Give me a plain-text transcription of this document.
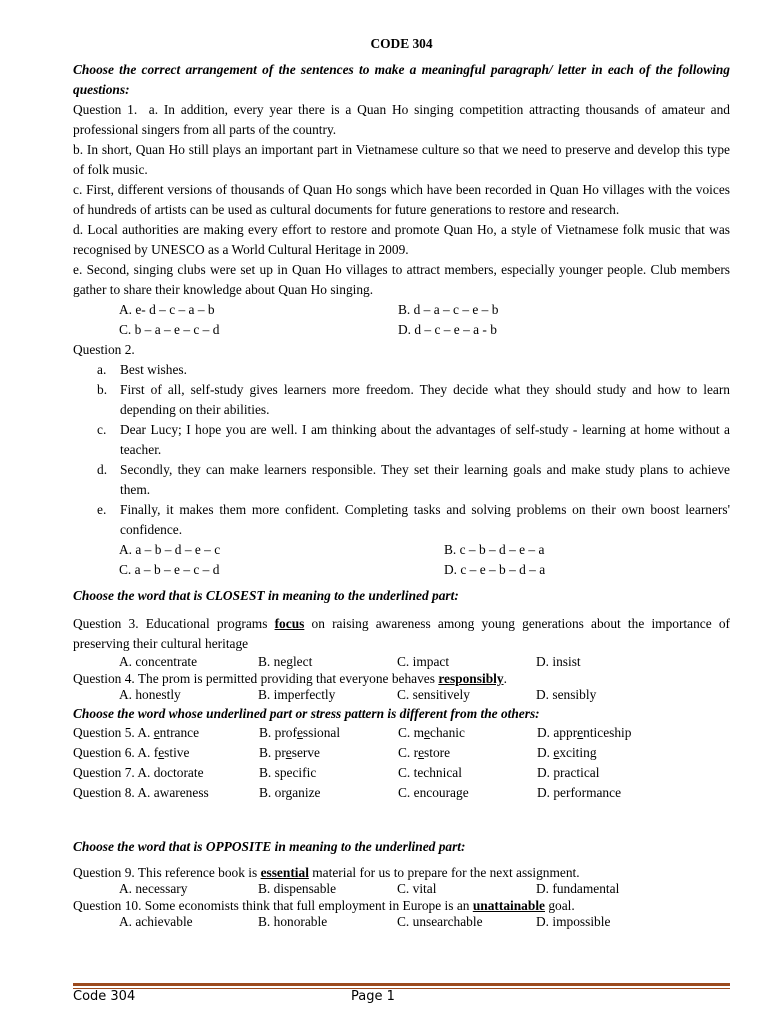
CODE 304

Choose the correct arrangement of the sentences to make a meaningful paragraph/ letter in each of the following questions:

Question 1. a. In addition, every year there is a Quan Ho singing competition attracting thousands of amateur and professional singers from all parts of the country.

b. In short, Quan Ho still plays an important part in Vietnamese culture so that we need to preserve and develop this type of folk music.

c. First, different versions of thousands of Quan Ho songs which have been recorded in Quan Ho villages with the voices of hundreds of artists can be used as cultural documents for future generations to restore and research.

d. Local authorities are making every effort to restore and promote Quan Ho, a style of Vietnamese folk music that was recognised by UNESCO as a World Cultural Heritage in 2009.

e. Second, singing clubs were set up in Quan Ho villages to attract members, especially younger people. Club members gather to share their knowledge about Quan Ho singing.

A. e- d – c – a – b	B. d – a – c – e – b
C. b – a – e – c – d	D. d – c – e – a - b

Question 2.

a.	Best wishes.
b. First of all, self-study gives learners more freedom. They decide what they should study and how to learn depending on their abilities.
c.	Dear Lucy; I hope you are well. I am thinking about the advantages of self-study - learning at home without a teacher.
d. Secondly, they can make learners responsible. They set their learning goals and make study plans to achieve them.
e.	Finally, it makes them more confident. Completing tasks and solving problems on their own boost learners' confidence.
A. a – b – d – e – c	B. c – b – d – e – a
C. a – b – e – c – d	D. c – e – b – d – a

Choose the word that is CLOSEST in meaning to the underlined part:

Question 3. Educational programs focus on raising awareness among young generations about the importance of preserving their cultural heritage

A. concentrate	B. neglect	C. impact	D. insist

Question 4. The prom is permitted providing that everyone behaves responsibly.

A. honestly	B. imperfectly	C. sensitively	D. sensibly

Choose the word whose underlined part or stress pattern is different from the others:

Question 5. A. entrance	B. professional	C. mechanic	D. apprenticeship
Question 6. A. festive	B. preserve	C. restore	D. exciting
Question 7. A. doctorate	B. specific	C. technical	D. practical
Question 8. A. awareness	B. organize	C. encourage	D. performance

Choose the word that is OPPOSITE in meaning to the underlined part:

Question 9. This reference book is essential material for us to prepare for the next assignment.

A. necessary	B. dispensable	C. vital	D. fundamental

Question 10. Some economists think that full employment in Europe is an unattainable goal.

A. achievable	B. honorable	C. unsearchable	D. impossible
Code 304	Page 1
